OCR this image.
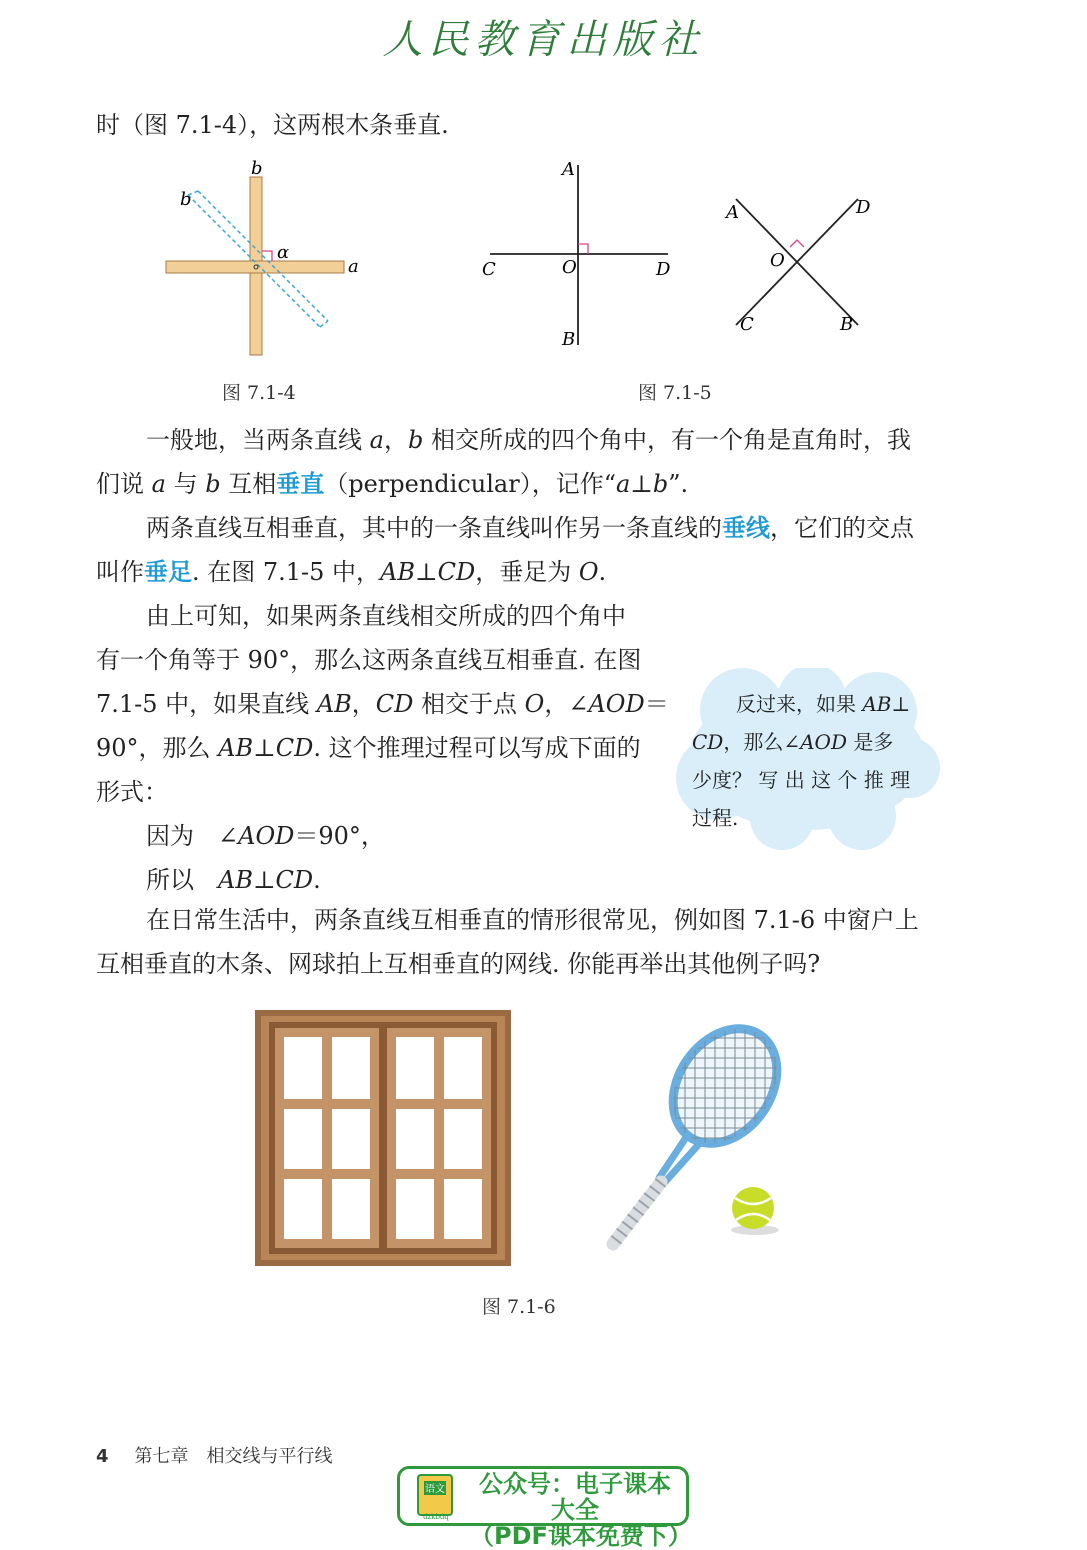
人民教育出版社
时（图 7.1-4），这两根木条垂直.
b
b
α
a
图 7.1-4
A
B
C	D
O
图 7.1-5
A	D
O
C	B
一般地，当两条直线 a，b 相交所成的四个角中，有一个角是直角时，我
们说 a 与 b 互相垂直（perpendicular），记作“a⊥b”.
两条直线互相垂直，其中的一条直线叫作另一条直线的垂线，它们的交点
叫作垂足. 在图 7.1-5 中，AB⊥CD，垂足为 O.
由上可知，如果两条直线相交所成的四个角中
有一个角等于 90°，那么这两条直线互相垂直. 在图
7.1-5 中，如果直线 AB，CD 相交于点 O，∠AOD＝
90°，那么 AB⊥CD. 这个推理过程可以写成下面的
形式：
因为　∠AOD＝90°，
所以　AB⊥CD.
反过来，如果 AB⊥
CD，那么∠AOD 是多
少度？ 写 出 这 个 推 理
过程.
在日常生活中，两条直线互相垂直的情形很常见，例如图 7.1-6 中窗户上
互相垂直的木条、网球拍上互相垂直的网线. 你能再举出其他例子吗?
图 7.1-6
4 第七章　相交线与平行线
语文
dzkbdq
公众号：电子课本大全
（PDF课本免费下）
